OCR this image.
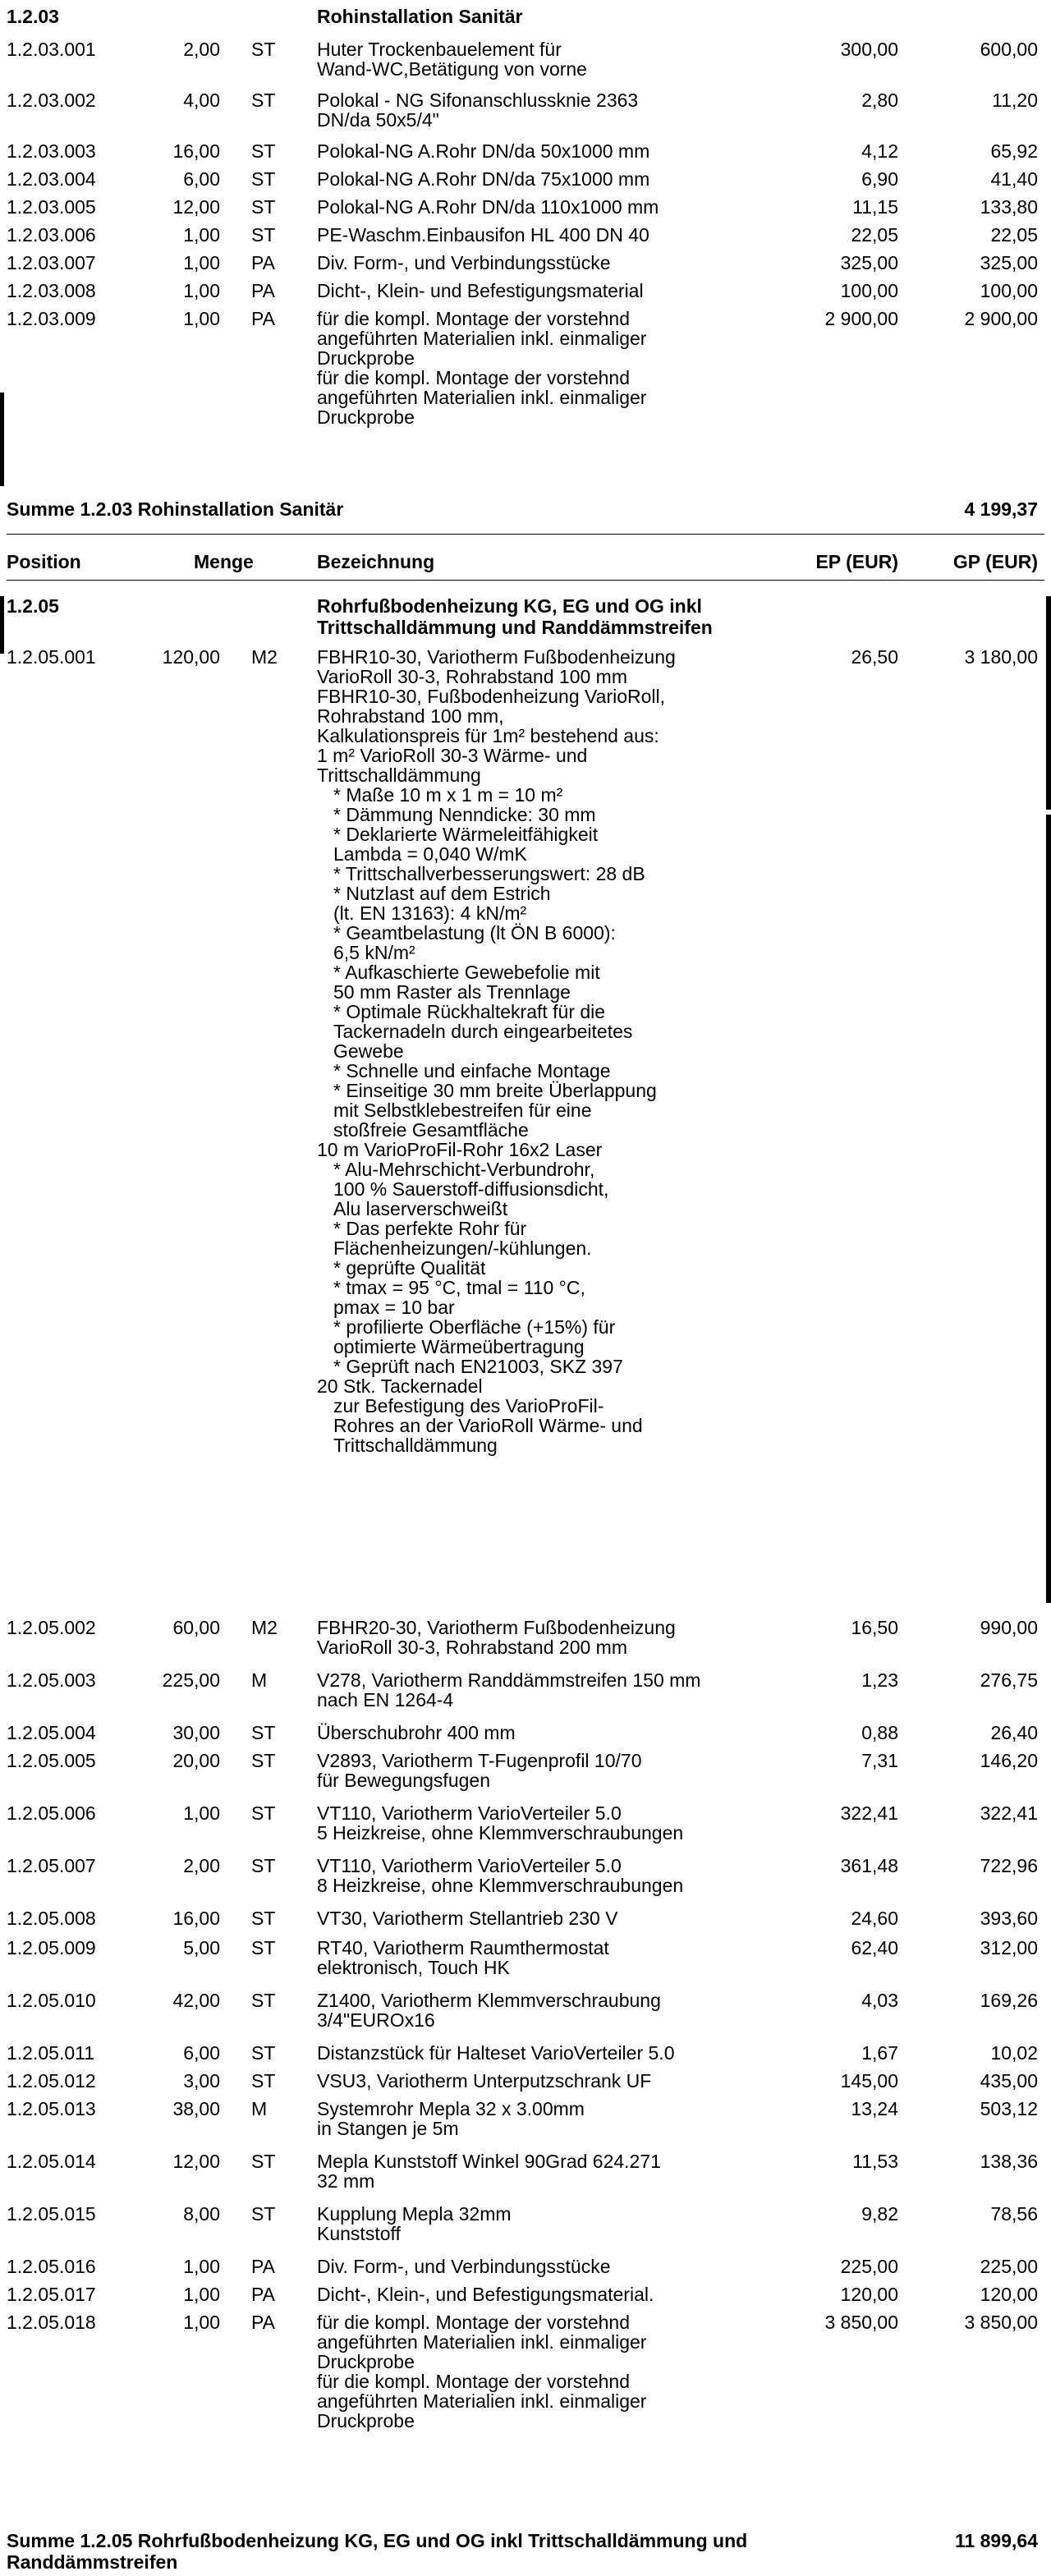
1.2.03	Rohinstallation Sanitär
1.2.03.001	2,00 ST Huter Trockenbauelement für
Wand-WC,Betätigung von vorne
300,00	600,00
1.2.03.002	4,00 ST Polokal - NG Sifonanschlussknie 2363
DN/da 50x5/4"
2,80	11,20
1.2.03.003	16,00 ST Polokal-NG A.Rohr DN/da 50x1000 mm	4,12	65,92
1.2.03.004	6,00 ST Polokal-NG A.Rohr DN/da 75x1000 mm	6,90	41,40
1.2.03.005	12,00 ST Polokal-NG A.Rohr DN/da 110x1000 mm	11,15	133,80
1.2.03.006	1,00 ST PE-Waschm.Einbausifon HL 400 DN 40	22,05	22,05
1.2.03.007	1,00 PA Div. Form-, und Verbindungsstücke	325,00	325,00
1.2.03.008	1,00 PA Dicht-, Klein- und Befestigungsmaterial	100,00	100,00
1.2.03.009	1,00 PA für die kompl. Montage der vorstehnd
angeführten Materialien inkl. einmaliger
Druckprobe
für die kompl. Montage der vorstehnd
angeführten Materialien inkl. einmaliger
Druckprobe
2 900,00	2 900,00
Summe 1.2.03 Rohinstallation Sanitär	4 199,37
Position	Menge	Bezeichnung	EP (EUR)	GP (EUR)
1.2.05	Rohrfußbodenheizung KG, EG und OG inkl
Trittschalldämmung und Randdämmstreifen
1.2.05.001	120,00 M2 FBHR10-30, Variotherm Fußbodenheizung
VarioRoll 30-3, Rohrabstand 100 mm
FBHR10-30, Fußbodenheizung VarioRoll,
Rohrabstand 100 mm,
Kalkulationspreis für 1m² bestehend aus:
1 m² VarioRoll 30-3 Wärme- und
Trittschalldämmung
* Maße 10 m x 1 m = 10 m²
* Dämmung Nenndicke: 30 mm
* Deklarierte Wärmeleitfähigkeit
Lambda = 0,040 W/mK
* Trittschallverbesserungswert: 28 dB
* Nutzlast auf dem Estrich
(lt. EN 13163): 4 kN/m²
* Geamtbelastung (lt ÖN B 6000):
6,5 kN/m²
* Aufkaschierte Gewebefolie mit
50 mm Raster als Trennlage
* Optimale Rückhaltekraft für die
Tackernadeln durch eingearbeitetes
Gewebe
* Schnelle und einfache Montage
* Einseitige 30 mm breite Überlappung
mit Selbstklebestreifen für eine
stoßfreie Gesamtfläche
10 m VarioProFil-Rohr 16x2 Laser
* Alu-Mehrschicht-Verbundrohr,
100 % Sauerstoff-diffusionsdicht,
Alu laserverschweißt
* Das perfekte Rohr für
Flächenheizungen/-kühlungen.
* geprüfte Qualität
* tmax = 95 °C, tmal = 110 °C,
pmax = 10 bar
* profilierte Oberfläche (+15%) für
optimierte Wärmeübertragung
* Geprüft nach EN21003, SKZ 397
20 Stk. Tackernadel
zur Befestigung des VarioProFil-
Rohres an der VarioRoll Wärme- und
Trittschalldämmung
26,50	3 180,00
1.2.05.002	60,00 M2 FBHR20-30, Variotherm Fußbodenheizung
VarioRoll 30-3, Rohrabstand 200 mm
16,50	990,00
1.2.05.003	225,00 M	V278, Variotherm Randdämmstreifen 150 mm
nach EN 1264-4
1,23	276,75
1.2.05.004	30,00 ST Überschubrohr 400 mm	0,88	26,40
1.2.05.005	20,00 ST V2893, Variotherm T-Fugenprofil 10/70
für Bewegungsfugen
7,31	146,20
1.2.05.006	1,00 ST VT110, Variotherm VarioVerteiler 5.0
5 Heizkreise, ohne Klemmverschraubungen
322,41	322,41
1.2.05.007	2,00 ST VT110, Variotherm VarioVerteiler 5.0
8 Heizkreise, ohne Klemmverschraubungen
361,48	722,96
1.2.05.008	16,00 ST VT30, Variotherm Stellantrieb 230 V	24,60	393,60
1.2.05.009	5,00 ST RT40, Variotherm Raumthermostat
elektronisch, Touch HK
62,40	312,00
1.2.05.010	42,00 ST Z1400, Variotherm Klemmverschraubung
3/4"EUROx16
4,03	169,26
1.2.05.011	6,00 ST Distanzstück für Halteset VarioVerteiler 5.0	1,67	10,02
1.2.05.012	3,00 ST VSU3, Variotherm Unterputzschrank UF	145,00	435,00
1.2.05.013	38,00 M	Systemrohr Mepla 32 x 3.00mm
in Stangen je 5m
13,24	503,12
1.2.05.014	12,00 ST Mepla Kunststoff Winkel 90Grad 624.271
32 mm
11,53	138,36
1.2.05.015	8,00 ST Kupplung Mepla 32mm
Kunststoff
9,82	78,56
1.2.05.016	1,00 PA Div. Form-, und Verbindungsstücke	225,00	225,00
1.2.05.017	1,00 PA Dicht-, Klein-, und Befestigungsmaterial.	120,00	120,00
1.2.05.018	1,00 PA für die kompl. Montage der vorstehnd
angeführten Materialien inkl. einmaliger
Druckprobe
für die kompl. Montage der vorstehnd
angeführten Materialien inkl. einmaliger
Druckprobe
3 850,00	3 850,00
Summe 1.2.05 Rohrfußbodenheizung KG, EG und OG inkl Trittschalldämmung und
Randdämmstreifen
11 899,64
